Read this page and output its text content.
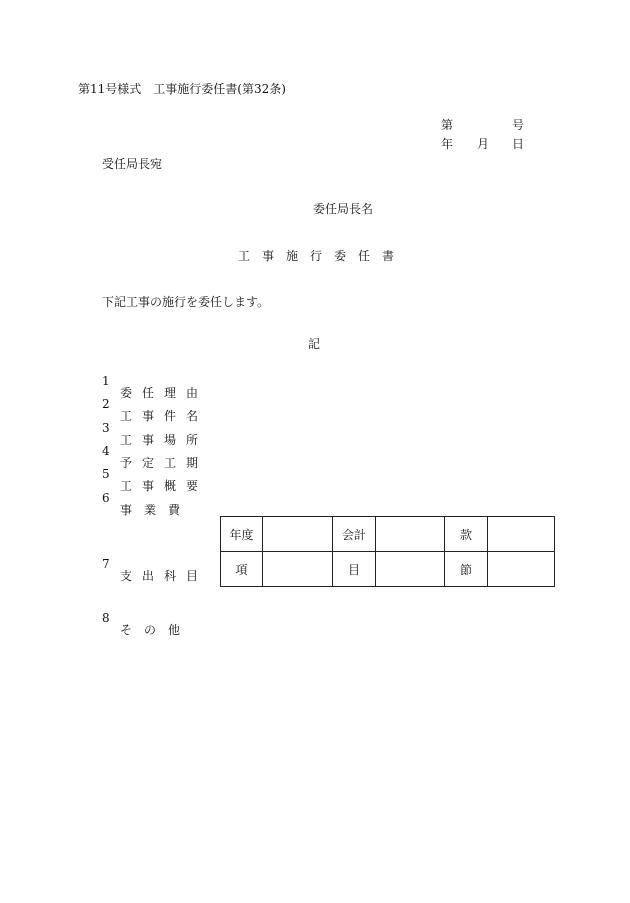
第11号様式　工事施行委任書(第32条)
第	号
年 月 日
受任局長宛
委任局長名
工　事　施　行　委　任　書
下記工事の施行を委任します。
記

1

委任理由

2

工事件名

3

工事場所

4

予定工期

5

工事概要

6

事　業　費

7

支出科目

8

そ　の　他

年度		会計		款	
項		目		節	
